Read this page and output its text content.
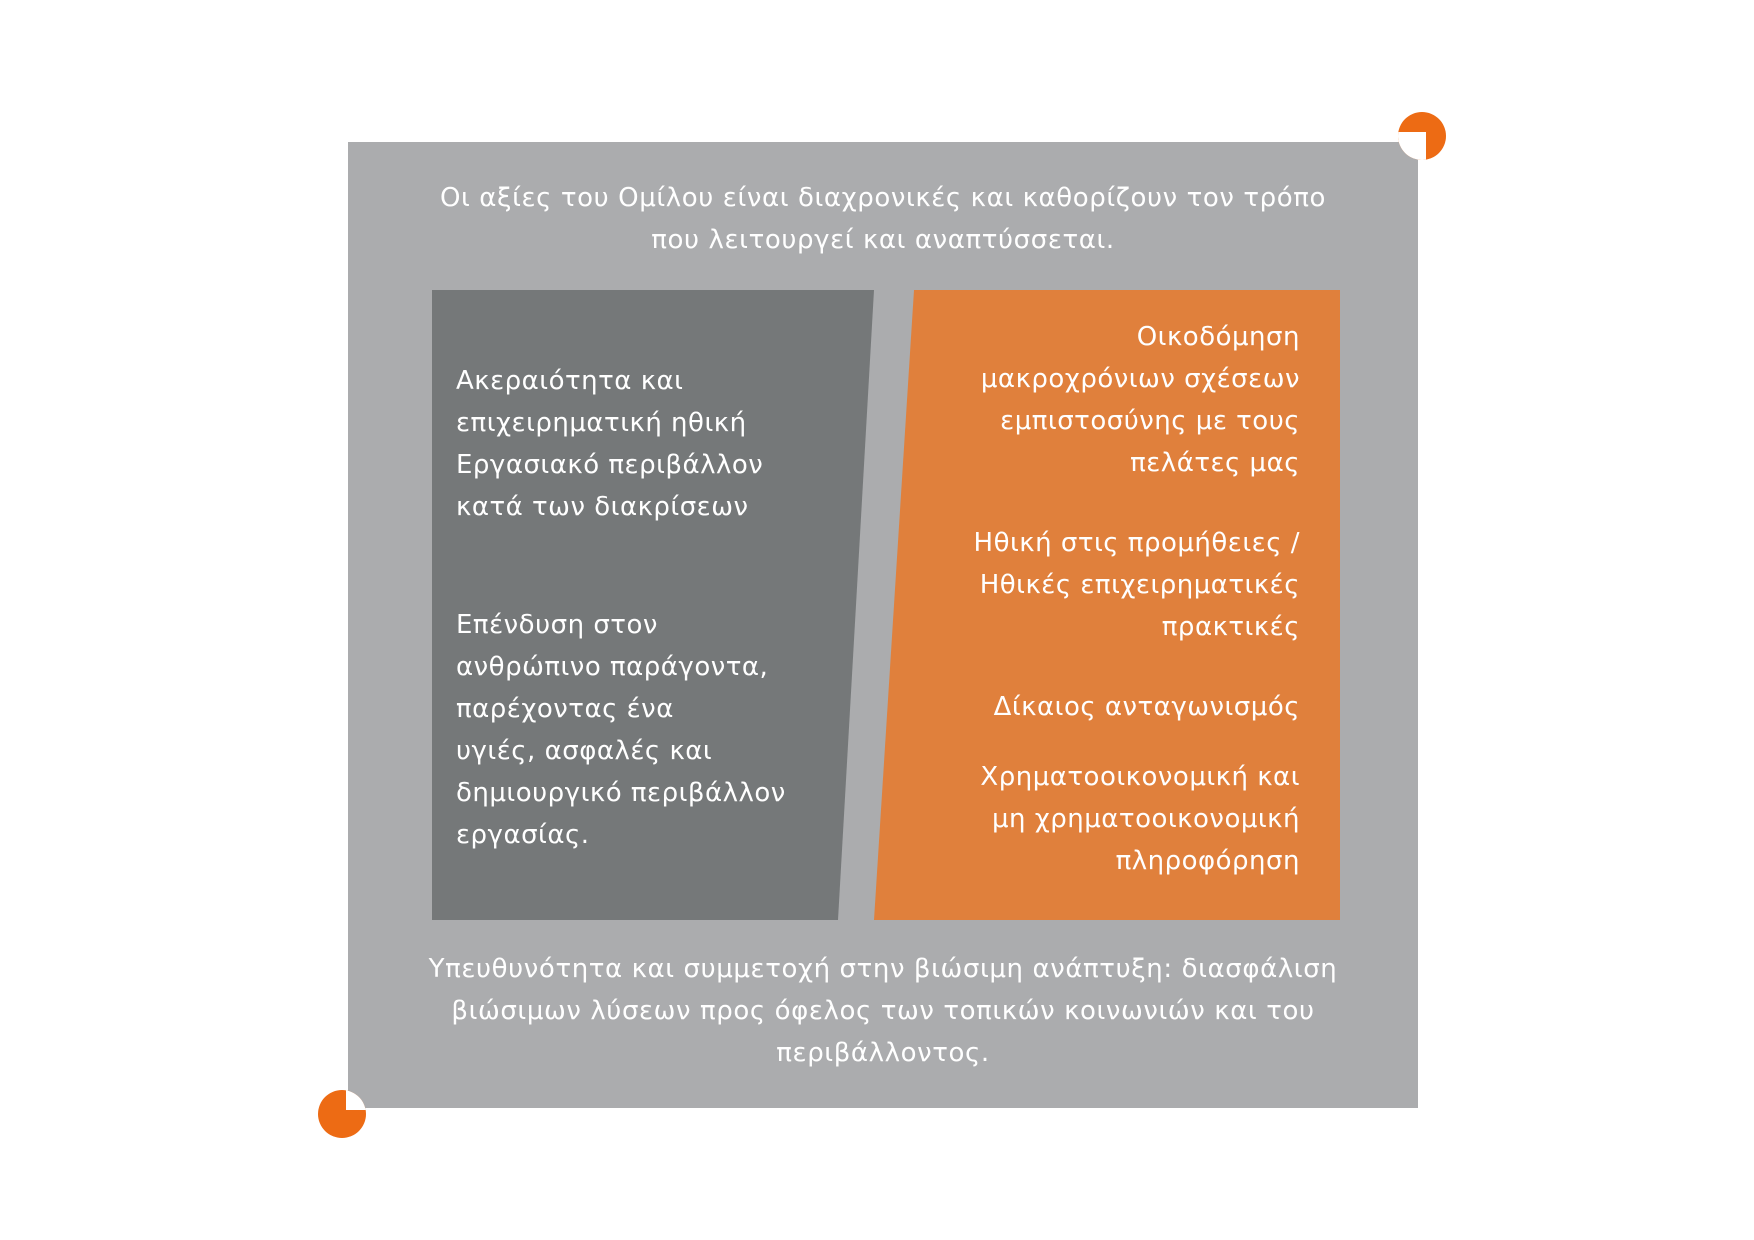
Οι αξίες του Ομίλου είναι διαχρονικές και καθορίζουν τον τρόπο που λειτουργεί και αναπτύσσεται.

Ακεραιότητα και

επιχειρηματική ηθική

Εργασιακό περιβάλλον

κατά των διακρίσεων

Επένδυση στον

ανθρώπινο παράγοντα,

παρέχοντας ένα

υγιές, ασφαλές και

δημιουργικό περιβάλλον

εργασίας.

Οικοδόμηση

μακροχρόνιων σχέσεων

εμπιστοσύνης με τους

πελάτες μας

Ηθική στις προμήθειες /

Ηθικές επιχειρηματικές

πρακτικές

Δίκαιος ανταγωνισμός

Χρηματοοικονομική και

μη χρηματοοικονομική

πληροφόρηση

Υπευθυνότητα και συμμετοχή στην βιώσιμη ανάπτυξη: διασφάλιση βιώσιμων λύσεων προς όφελος των τοπικών κοινωνιών και του περιβάλλοντος.
